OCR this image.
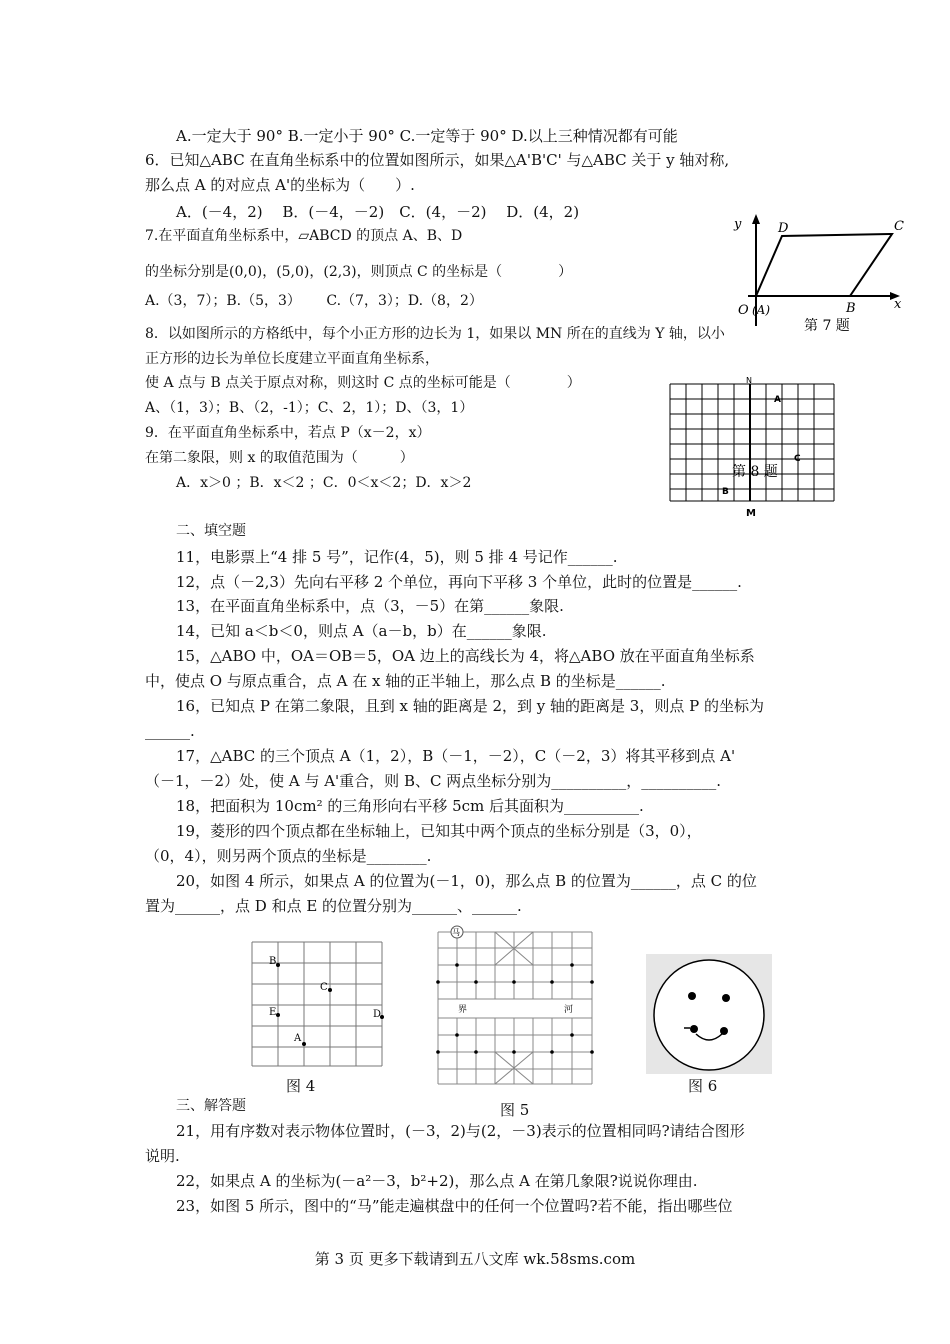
A.一定大于 90° B.一定小于 90° C.一定等于 90° D.以上三种情况都有可能
6．已知△ABC 在直角坐标系中的位置如图所示，如果△A'B'C' 与△ABC 关于 y 轴对称,
那么点 A 的对应点 A'的坐标为（　　）.
A．(－4，2)　 B．(－4，－2)　C．(4，－2)　 D．(4，2)
7.在平面直角坐标系中，▱ABCD 的顶点 A、B、D
的坐标分别是(0,0)，(5,0)，(2,3)，则顶点 C 的坐标是（　　　　）
A.（3，7）；B.（5，3）　　 C.（7，3）；D.（8，2）
y	D	C
O (A)	B	x
第 7 题
8．以如图所示的方格纸中，每个小正方形的边长为 1，如果以 MN 所在的直线为 Y 轴，以小
正方形的边长为单位长度建立平面直角坐标系，
使 A 点与 B 点关于原点对称，则这时 C 点的坐标可能是（　　　　）
A、（1，3）；B、（2，-1）；C、2，1）；D、（3，1）
N
A
C
B
M
第 8 题
9．在平面直角坐标系中，若点 P（x－2，x）
在第二象限，则 x 的取值范围为（　　　）
A．x＞0 ；B．x＜2 ；C．0＜x＜2；D．x＞2
二、填空题
11，电影票上“4 排 5 号”，记作(4，5)，则 5 排 4 号记作______.
12，点（－2,3）先向右平移 2 个单位，再向下平移 3 个单位，此时的位置是______.
13，在平面直角坐标系中，点（3，－5）在第______象限.
14，已知 a＜b＜0，则点 A（a－b，b）在______象限.
15，△ABO 中，OA＝OB＝5，OA 边上的高线长为 4，将△ABO 放在平面直角坐标系
中，使点 O 与原点重合，点 A 在 x 轴的正半轴上，那么点 B 的坐标是______.
16，已知点 P 在第二象限，且到 x 轴的距离是 2，到 y 轴的距离是 3，则点 P 的坐标为
______.
17，△ABC 的三个顶点 A（1，2），B（－1，－2），C（－2，3）将其平移到点 A'
（－1，－2）处，使 A 与 A'重合，则 B、C 两点坐标分别为__________，__________.
18，把面积为 10cm² 的三角形向右平移 5cm 后其面积为__________.
19，菱形的四个顶点都在坐标轴上，已知其中两个顶点的坐标分别是（3，0），
（0，4），则另两个顶点的坐标是________.
20，如图 4 所示，如果点 A 的位置为(－1，0)，那么点 B 的位置为______，点 C 的位
置为______，点 D 和点 E 的位置分别为______、______.
B
C
E	D
A
图 4
马
界	河
图 5
图 6
三、解答题
21，用有序数对表示物体位置时，(－3，2)与(2，－3)表示的位置相同吗?请结合图形
说明.
22，如果点 A 的坐标为(－a²－3，b²+2)，那么点 A 在第几象限?说说你理由.
23，如图 5 所示，图中的“马”能走遍棋盘中的任何一个位置吗?若不能，指出哪些位
第 3 页 更多下载请到五八文库 wk.58sms.com
